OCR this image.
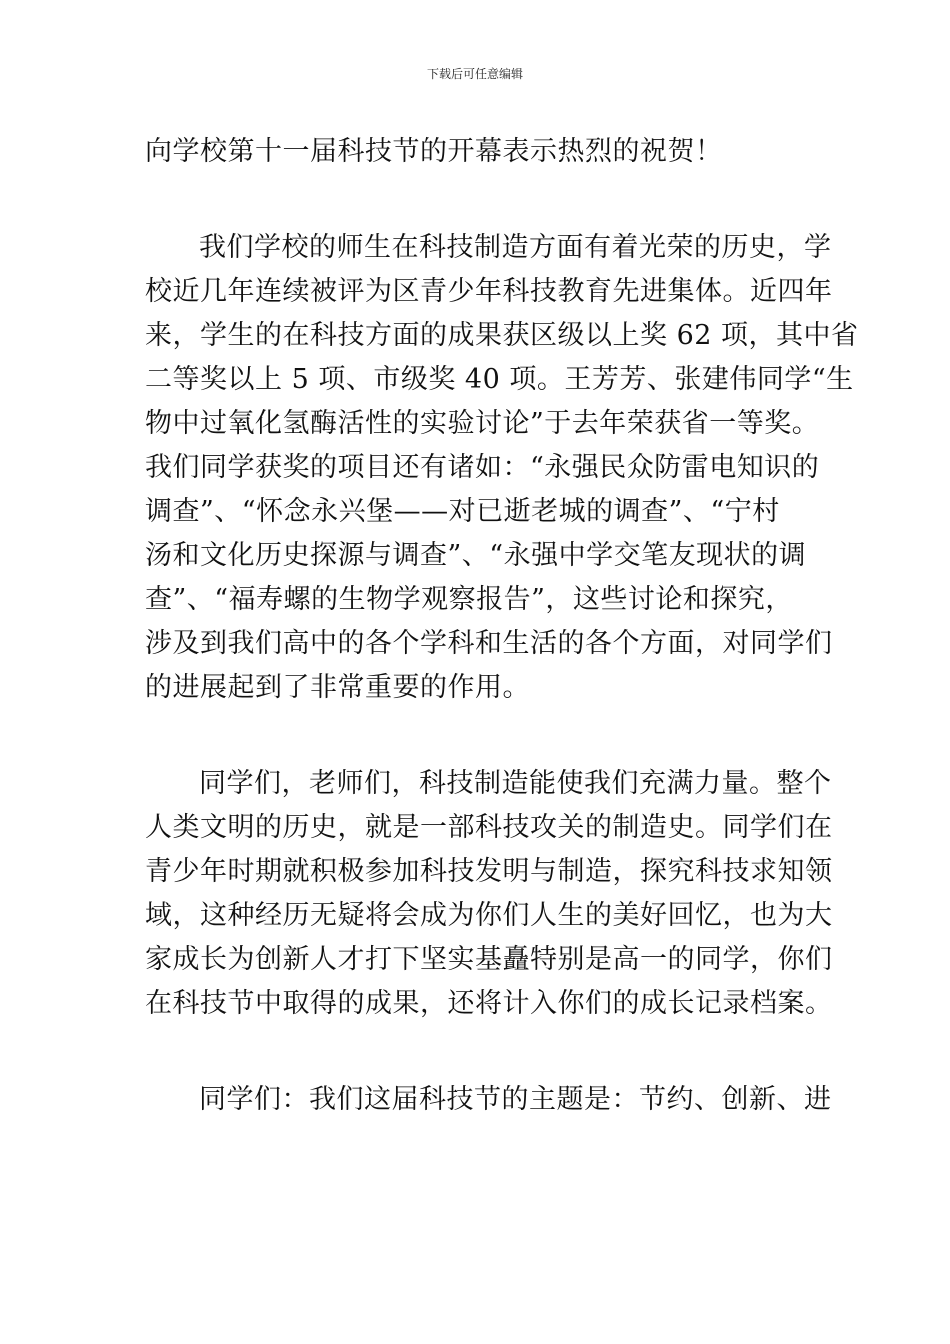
下载后可任意编辑
向学校第十一届科技节的开幕表示热烈的祝贺！
我们学校的师生在科技制造方面有着光荣的历史，学
校近几年连续被评为区青少年科技教育先进集体。近四年
来，学生的在科技方面的成果获区级以上奖 62 项，其中省
二等奖以上 5 项、市级奖 40 项。王芳芳、张建伟同学“生
物中过氧化氢酶活性的实验讨论”于去年荣获省一等奖。
我们同学获奖的项目还有诸如：“永强民众防雷电知识的
调查”、“怀念永兴堡——对已逝老城的调查”、“宁村
汤和文化历史探源与调查”、“永强中学交笔友现状的调
查”、“福寿螺的生物学观察报告”，这些讨论和探究，
涉及到我们高中的各个学科和生活的各个方面，对同学们
的进展起到了非常重要的作用。
同学们，老师们，科技制造能使我们充满力量。整个
人类文明的历史，就是一部科技攻关的制造史。同学们在
青少年时期就积极参加科技发明与制造，探究科技求知领
域，这种经历无疑将会成为你们人生的美好回忆，也为大
家成长为创新人才打下坚实基矗特别是高一的同学，你们
在科技节中取得的成果，还将计入你们的成长记录档案。
同学们：我们这届科技节的主题是：节约、创新、进
